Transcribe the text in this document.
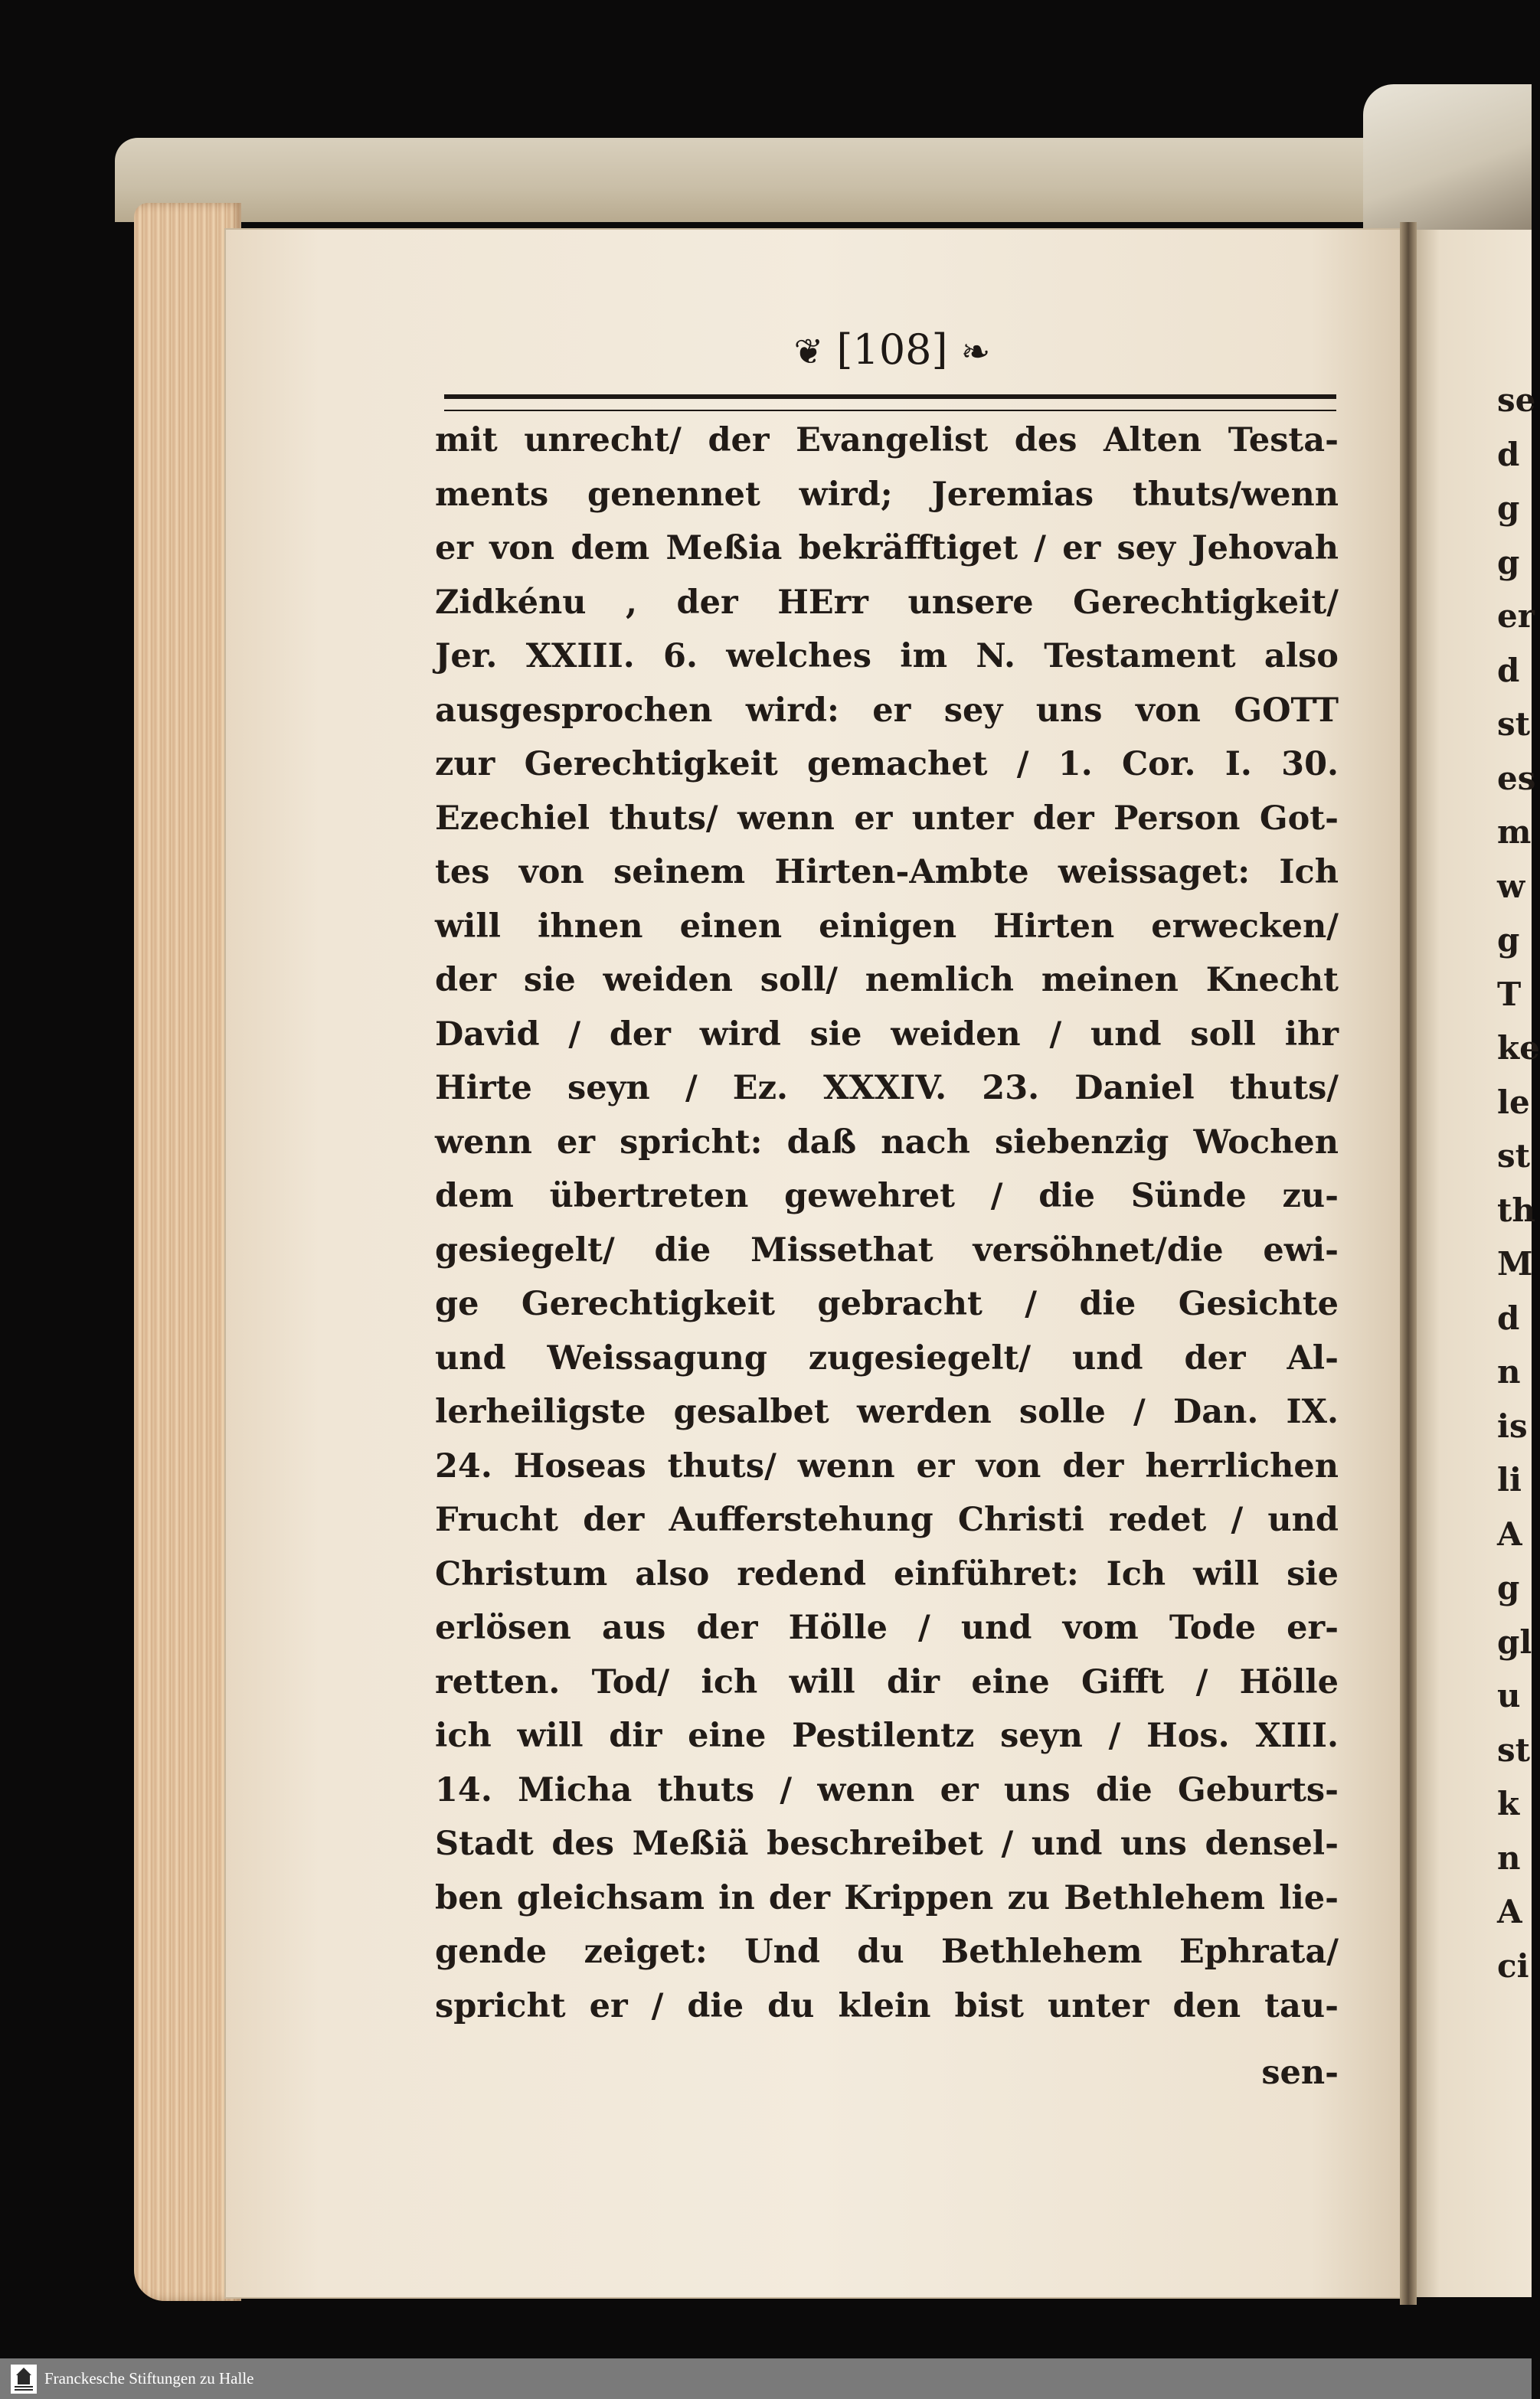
❦ [108] ❧
mit unrecht/ der Evangelist des Alten Testa-
ments genennet wird; Jeremias thuts/wenn
er von dem Meßia bekräfftiget / er sey Jehovah
Zidkénu , der HErr unsere Gerechtigkeit/
Jer. XXIII. 6. welches im N. Testament also
ausgesprochen wird: er sey uns von GOTT
zur Gerechtigkeit gemachet / 1. Cor. I. 30.
Ezechiel thuts/ wenn er unter der Person Got-
tes von seinem Hirten-Ambte weissaget: Ich
will ihnen einen einigen Hirten erwecken/
der sie weiden soll/ nemlich meinen Knecht
David / der wird sie weiden / und soll ihr
Hirte seyn / Ez. XXXIV. 23. Daniel thuts/
wenn er spricht: daß nach siebenzig Wochen
dem übertreten gewehret / die Sünde zu-
gesiegelt/ die Missethat versöhnet/die ewi-
ge Gerechtigkeit gebracht / die Gesichte
und Weissagung zugesiegelt/ und der Al-
lerheiligste gesalbet werden solle / Dan. IX.
24. Hoseas thuts/ wenn er von der herrlichen
Frucht der Aufferstehung Christi redet / und
Christum also redend einführet: Ich will sie
erlösen aus der Hölle / und vom Tode er-
retten. Tod/ ich will dir eine Gifft / Hölle
ich will dir eine Pestilentz seyn / Hos. XIII.
14. Micha thuts / wenn er uns die Geburts-
Stadt des Meßiä beschreibet / und uns densel-
ben gleichsam in der Krippen zu Bethlehem lie-
gende zeiget: Und du Bethlehem Ephrata/
spricht er / die du klein bist unter den tau-
sen-
se
d
g
g
er
d
st
es
m
w
g
T
ke
le
st
th
M
d
n
is
li
A
g
gl
u
st
k
n
A
ci
Franckesche Stiftungen zu Halle
